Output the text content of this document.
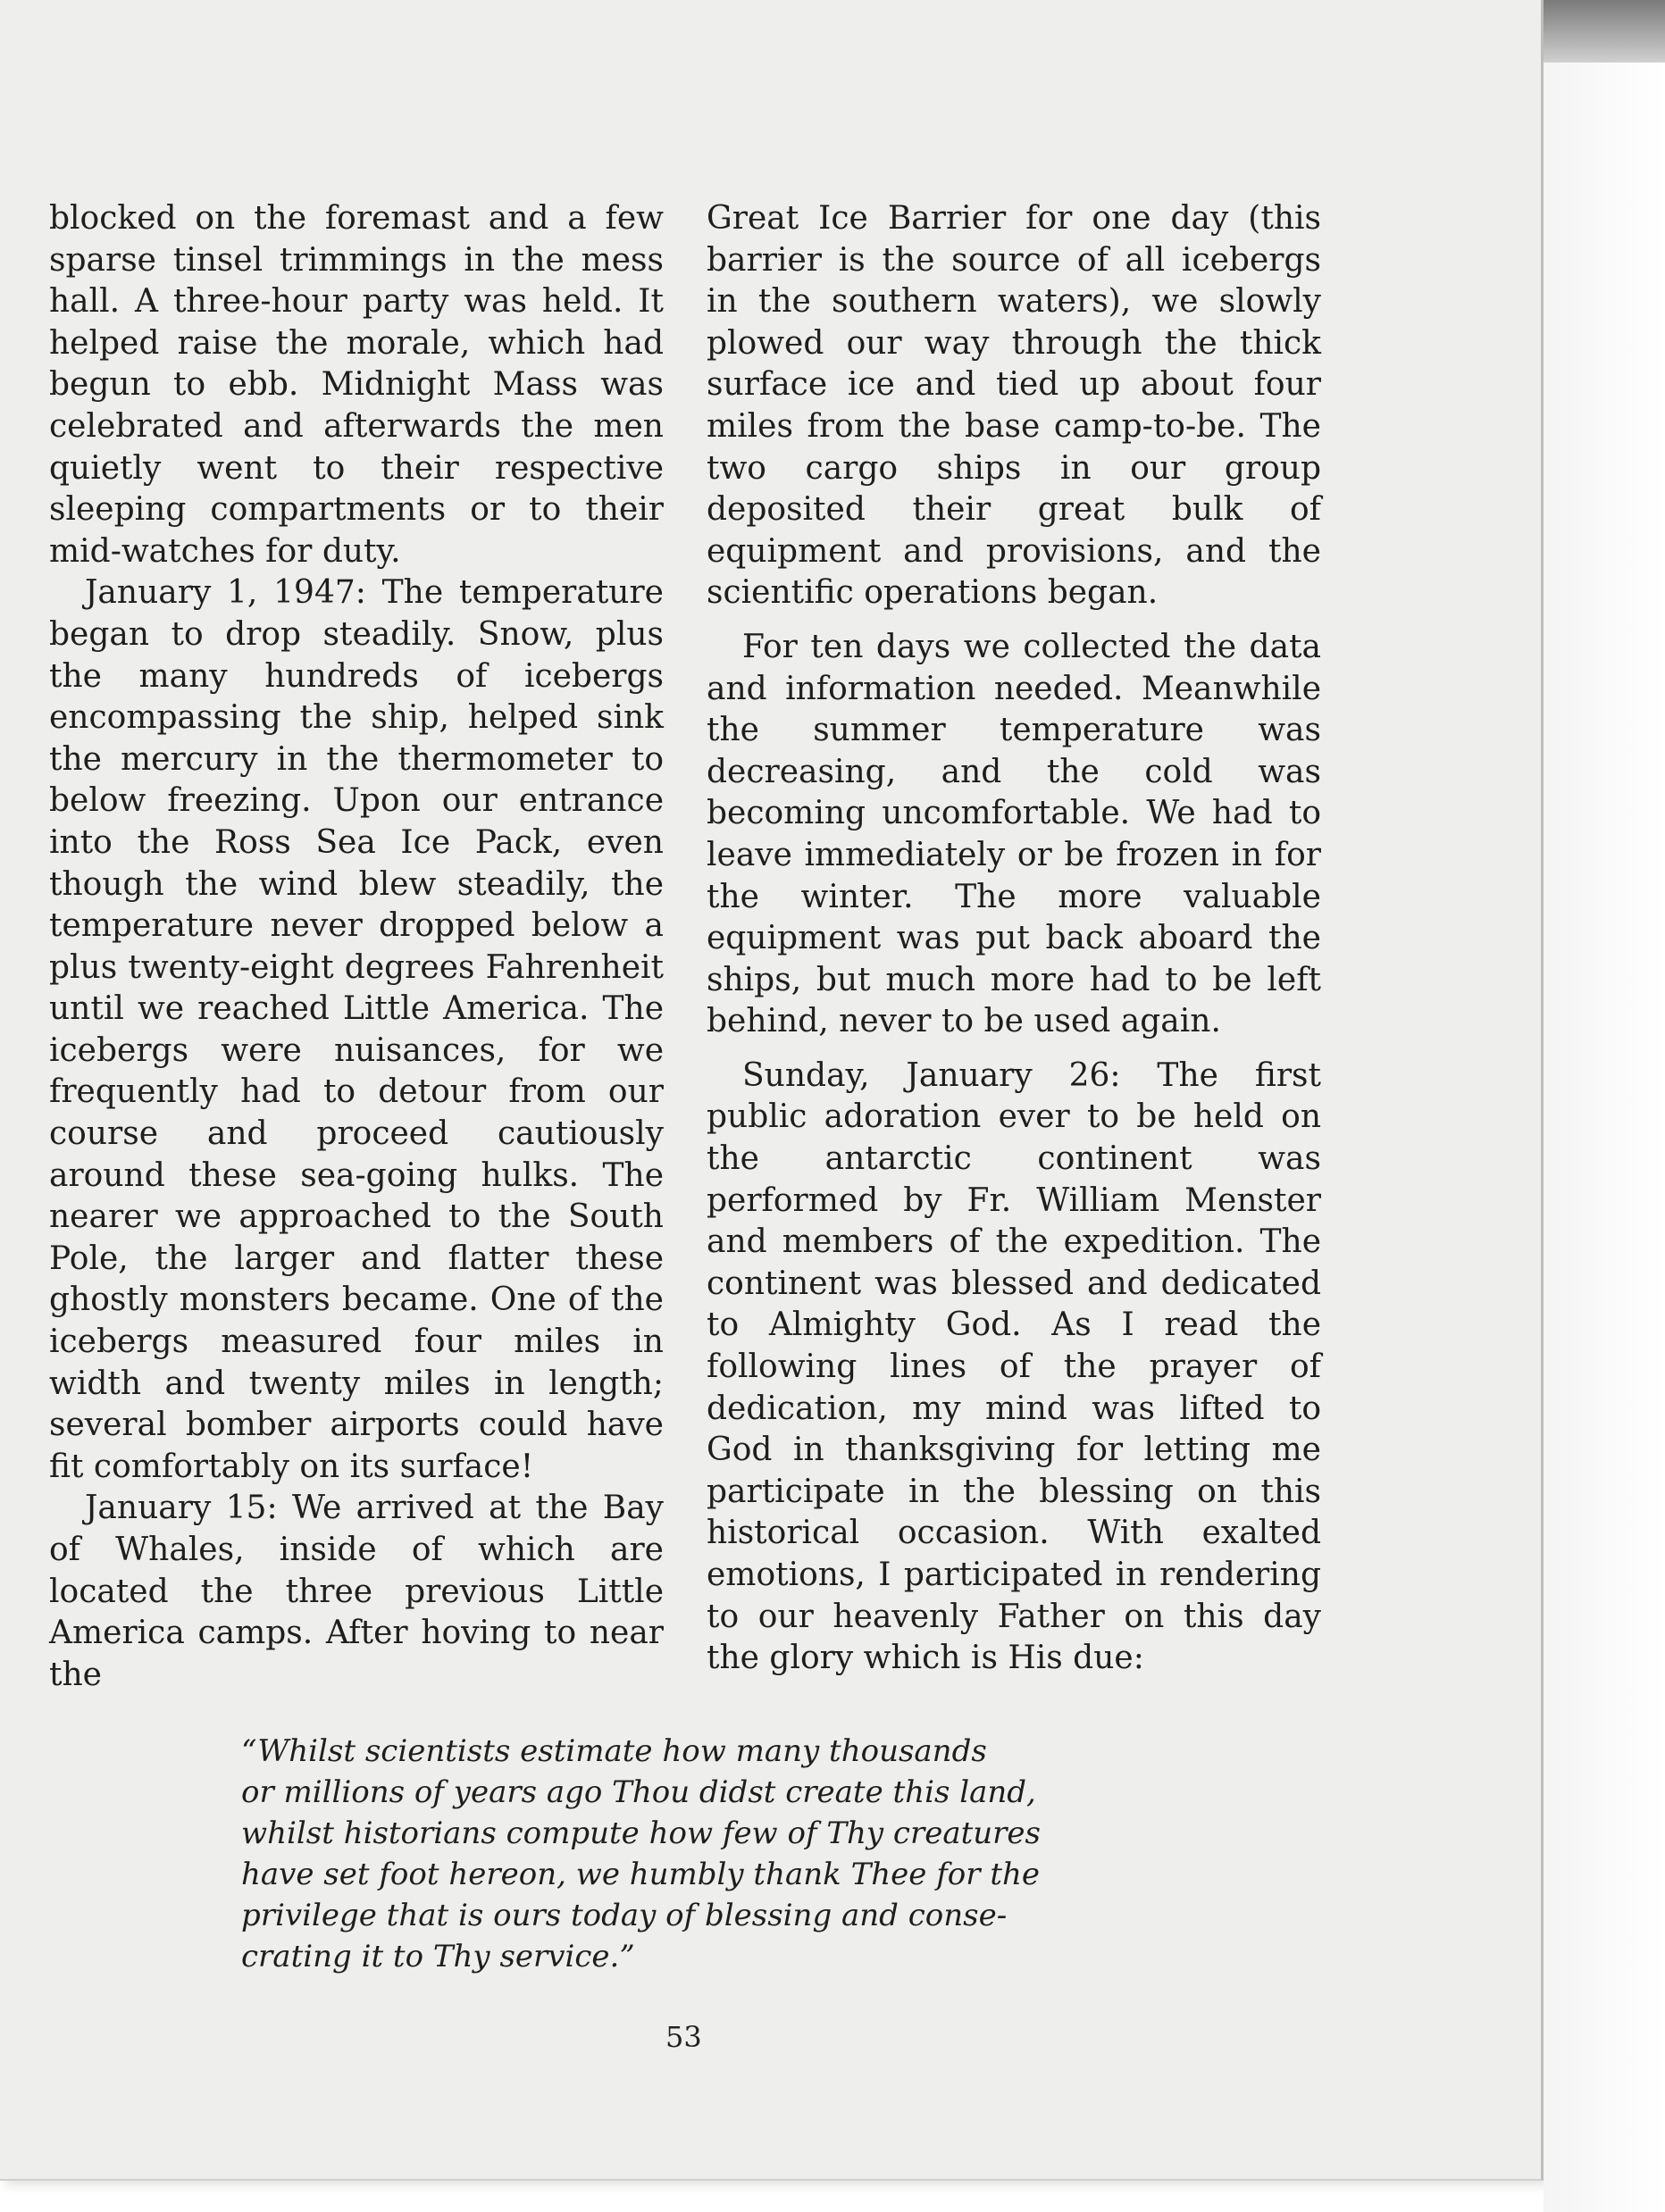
blocked on the foremast and a few sparse tinsel trimmings in the mess hall. A three-hour party was held. It helped raise the morale, which had begun to ebb. Midnight Mass was celebrated and afterwards the men quietly went to their respective sleeping compartments or to their mid-watches for duty.

January 1, 1947: The temperature began to drop steadily. Snow, plus the many hundreds of icebergs encompassing the ship, helped sink the mercury in the thermometer to below freezing. Upon our entrance into the Ross Sea Ice Pack, even though the wind blew steadily, the temperature never dropped below a plus twenty-eight degrees Fahrenheit until we reached Little America. The icebergs were nuisances, for we frequently had to detour from our course and proceed cautiously around these sea-going hulks. The nearer we approached to the South Pole, the larger and flatter these ghostly monsters became. One of the icebergs measured four miles in width and twenty miles in length; several bomber airports could have fit comfortably on its surface!

January 15: We arrived at the Bay of Whales, inside of which are located the three previous Little America camps. After hoving to near the

Great Ice Barrier for one day (this barrier is the source of all icebergs in the southern waters), we slowly plowed our way through the thick surface ice and tied up about four miles from the base camp-to-be. The two cargo ships in our group deposited their great bulk of equipment and provisions, and the scientific operations began.

For ten days we collected the data and information needed. Meanwhile the summer temperature was decreasing, and the cold was becoming uncomfortable. We had to leave immediately or be frozen in for the winter. The more valuable equipment was put back aboard the ships, but much more had to be left behind, never to be used again.

Sunday, January 26: The first public adoration ever to be held on the antarctic continent was performed by Fr. William Menster and members of the expedition. The continent was blessed and dedicated to Almighty God. As I read the following lines of the prayer of dedication, my mind was lifted to God in thanksgiving for letting me participate in the blessing on this historical occasion. With exalted emotions, I participated in rendering to our heavenly Father on this day the glory which is His due:

“Whilst scientists estimate how many thousands
or millions of years ago Thou didst create this land,
whilst historians compute how few of Thy creatures
have set foot hereon, we humbly thank Thee for the
privilege that is ours today of blessing and conse-
crating it to Thy service.”
53
